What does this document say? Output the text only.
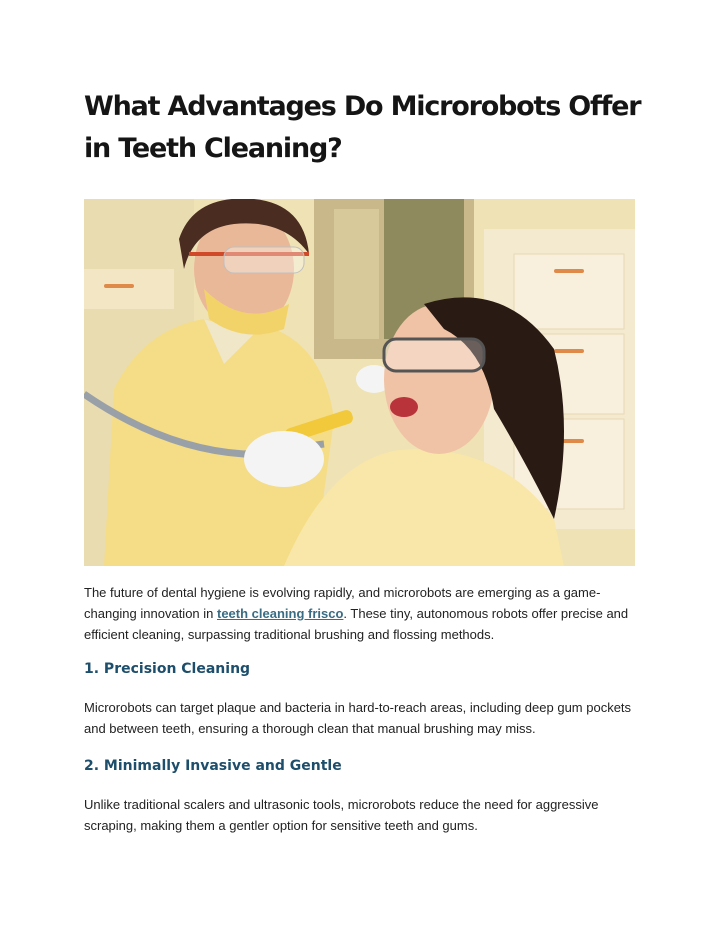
What Advantages Do Microrobots Offer
in Teeth Cleaning?

The future of dental hygiene is evolving rapidly, and microrobots are emerging as a game-changing innovation in teeth cleaning frisco. These tiny, autonomous robots offer precise and efficient cleaning, surpassing traditional brushing and flossing methods.

1. Precision Cleaning

Microrobots can target plaque and bacteria in hard-to-reach areas, including deep gum pockets and between teeth, ensuring a thorough clean that manual brushing may miss.

2. Minimally Invasive and Gentle

Unlike traditional scalers and ultrasonic tools, microrobots reduce the need for aggressive scraping, making them a gentler option for sensitive teeth and gums.
